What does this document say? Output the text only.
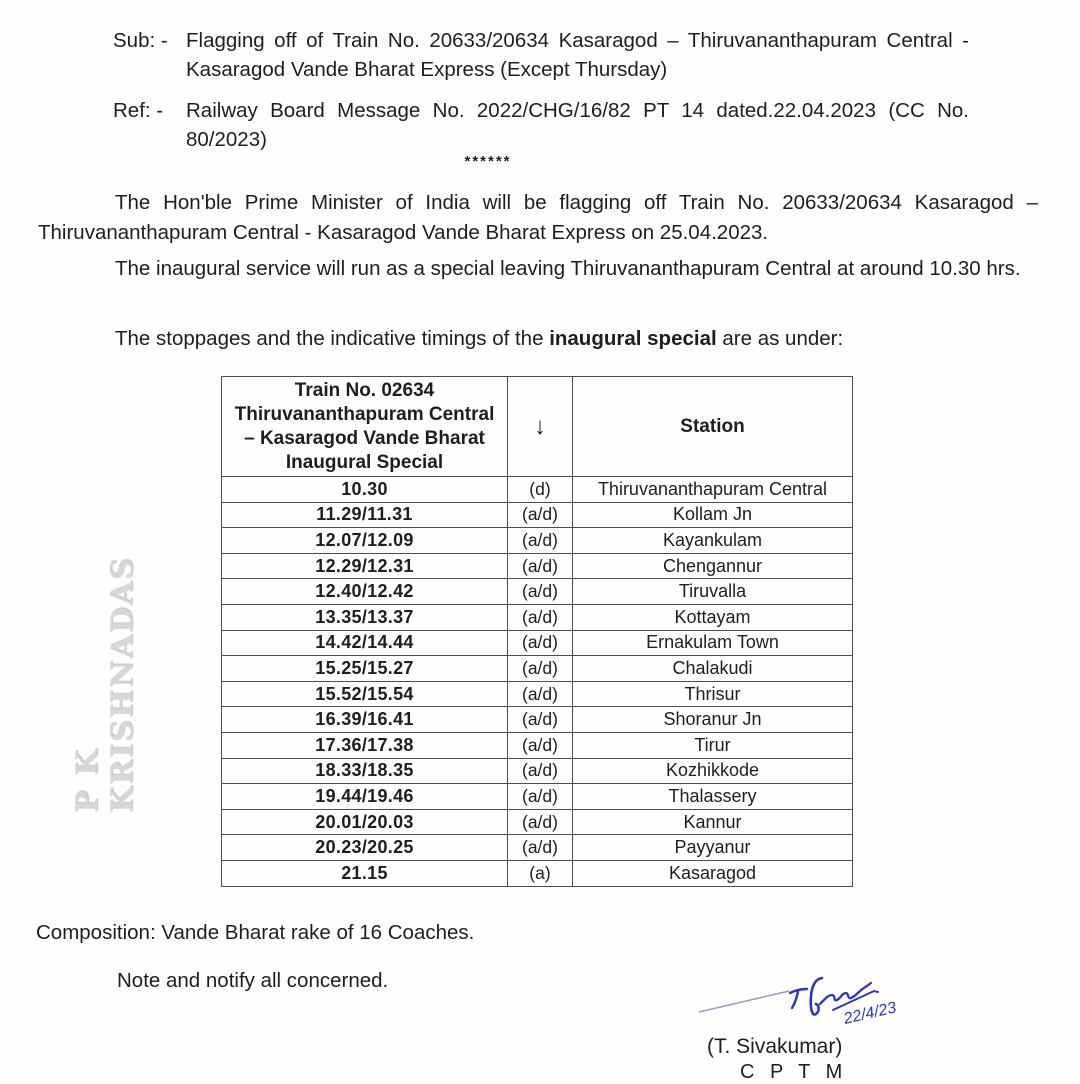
P K KRISHNADAS
Sub: - Flagging off of Train No. 20633/20634 Kasaragod – Thiruvananthapuram Central - Kasaragod Vande Bharat Express (Except Thursday)
Ref: -	Railway Board Message No. 2022/CHG/16/82 PT 14 dated.22.04.2023 (CC No. 80/2023)
******
The Hon'ble Prime Minister of India will be flagging off Train No. 20633/20634 Kasaragod – Thiruvananthapuram Central - Kasaragod Vande Bharat Express on 25.04.2023.
The inaugural service will run as a special leaving Thiruvananthapuram Central at around 10.30 hrs.
The stoppages and the indicative timings of the inaugural special are as under:
Train No. 02634
Thiruvananthapuram Central
– Kasaragod Vande Bharat
Inaugural Special	↓	Station
10.30	(d)	Thiruvananthapuram Central
11.29/11.31	(a/d)	Kollam Jn
12.07/12.09	(a/d)	Kayankulam
12.29/12.31	(a/d)	Chengannur
12.40/12.42	(a/d)	Tiruvalla
13.35/13.37	(a/d)	Kottayam
14.42/14.44	(a/d)	Ernakulam Town
15.25/15.27	(a/d)	Chalakudi
15.52/15.54	(a/d)	Thrisur
16.39/16.41	(a/d)	Shoranur Jn
17.36/17.38	(a/d)	Tirur
18.33/18.35	(a/d)	Kozhikkode
19.44/19.46	(a/d)	Thalassery
20.01/20.03	(a/d)	Kannur
20.23/20.25	(a/d)	Payyanur
21.15	(a)	Kasaragod
Composition: Vande Bharat rake of 16 Coaches.
Note and notify all concerned.
22/4/23
(T. Sivakumar)
C P T M
